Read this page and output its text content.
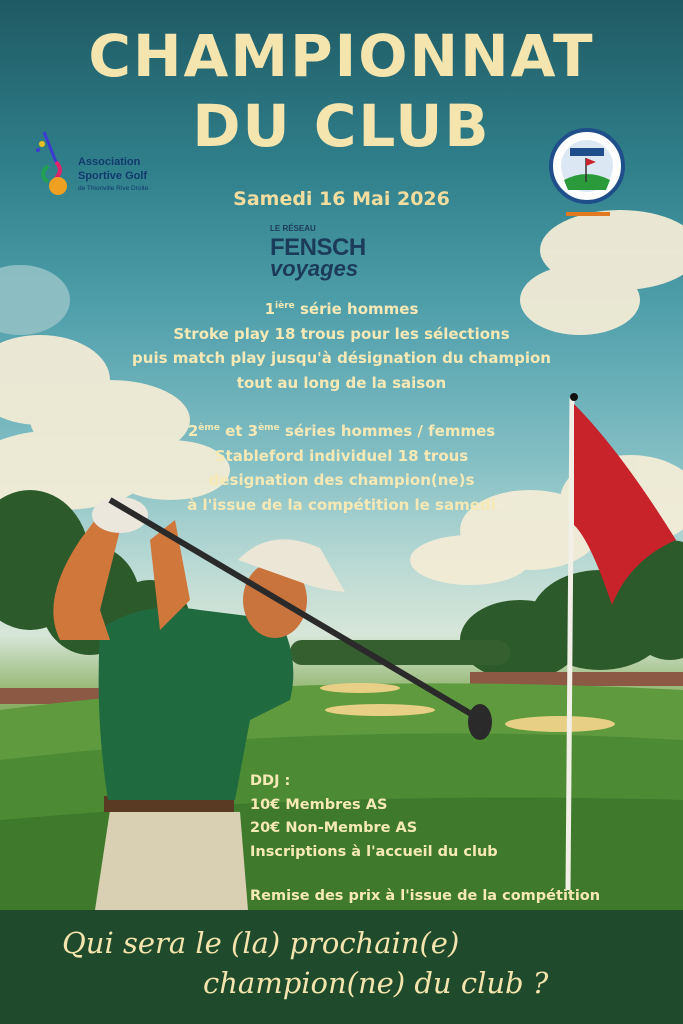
CHAMPIONNAT
DU CLUB
Association
Sportive Golf
de Thionville Rive Droite	Samedi 16 Mai 2026
LE RÉSEAU
FENSCH
voyages
$1^{ière}$ série hommes
Stroke play 18 trous pour les sélections
puis match play jusqu'à désignation du champion
tout au long de la saison
2ème et 3ème séries hommes / femmes
Stableford individuel 18 trous
designation des champion(ne)s
à l'issue de la compétition le samedi
DDJ :
10€ Membres AS
20€ Non-Membre AS
Inscriptions à l'accueil du club
Remise des prix à l'issue de la compétition
Qui sera le (la) prochain(e)
champion(ne) du club ?
